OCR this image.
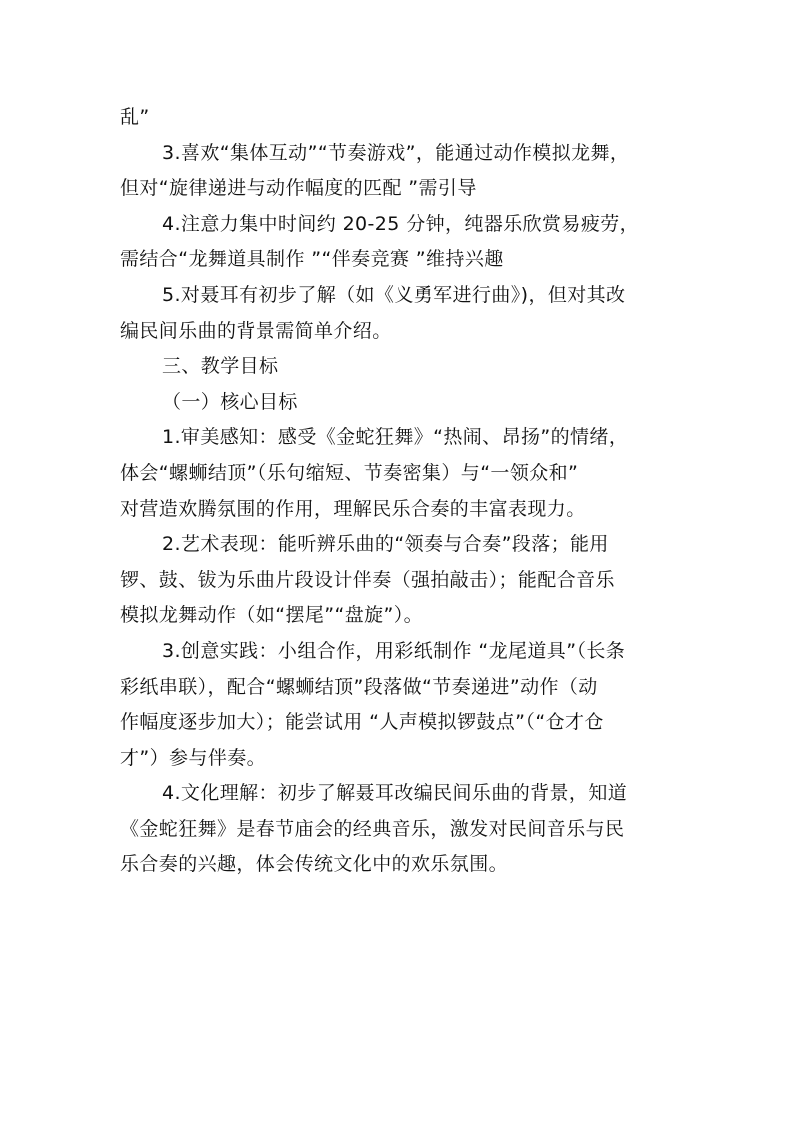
乱”
3.喜欢“集体互动”“节奏游戏”，能通过动作模拟龙舞，
但对“旋律递进与动作幅度的匹配 ”需引导
4.注意力集中时间约 20-25 分钟，纯器乐欣赏易疲劳，
需结合“龙舞道具制作 ”“伴奏竞赛 ”维持兴趣
5.对聂耳有初步了解（如《义勇军进行曲》)，但对其改
编民间乐曲的背景需简单介绍。
三、教学目标
（一）核心目标
1.审美感知：感受《金蛇狂舞》“热闹、昂扬”的情绪，
体会“螺蛳结顶”（乐句缩短、节奏密集）与“一领众和”
对营造欢腾氛围的作用，理解民乐合奏的丰富表现力。
2.艺术表现：能听辨乐曲的“领奏与合奏”段落；能用
锣、鼓、钹为乐曲片段设计伴奏（强拍敲击）；能配合音乐
模拟龙舞动作（如“摆尾”“盘旋”）。
3.创意实践：小组合作，用彩纸制作 “龙尾道具”（长条
彩纸串联），配合“螺蛳结顶”段落做“节奏递进”动作（动
作幅度逐步加大）；能尝试用 “人声模拟锣鼓点”（“仓才仓
才”）参与伴奏。
4.文化理解：初步了解聂耳改编民间乐曲的背景，知道
《金蛇狂舞》是春节庙会的经典音乐，激发对民间音乐与民
乐合奏的兴趣，体会传统文化中的欢乐氛围。
